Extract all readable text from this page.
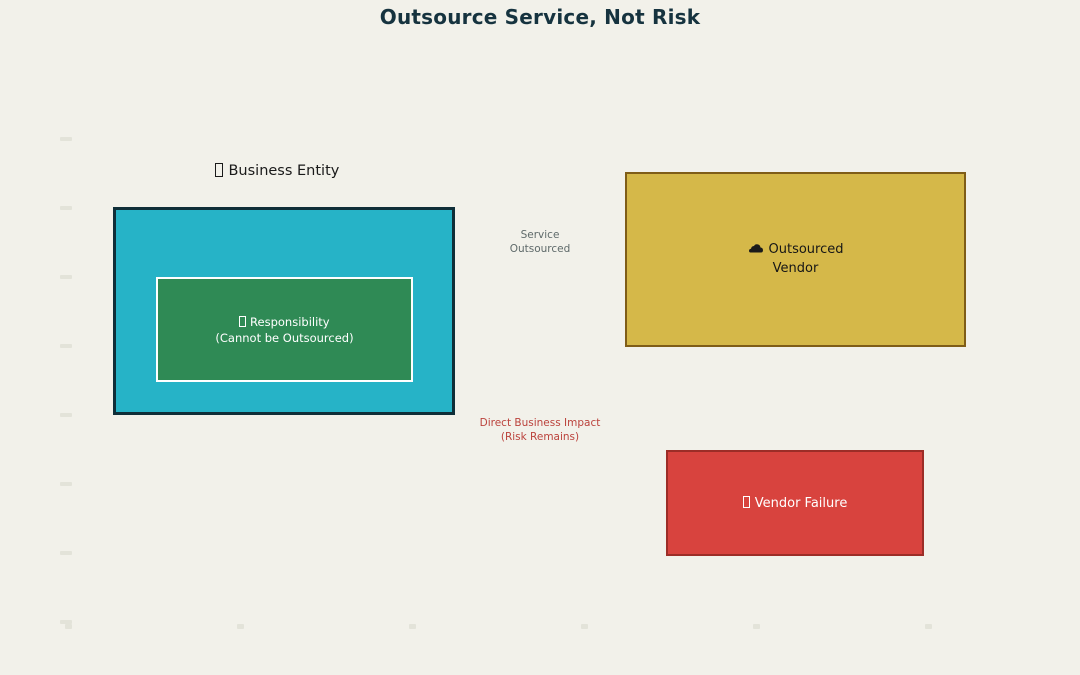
Outsource Service, Not Risk
Business Entity
Responsibility
(Cannot be Outsourced)
Service
Outsourced	Outsourced
Vendor
Direct Business Impact
(Risk Remains)
Vendor Failure
